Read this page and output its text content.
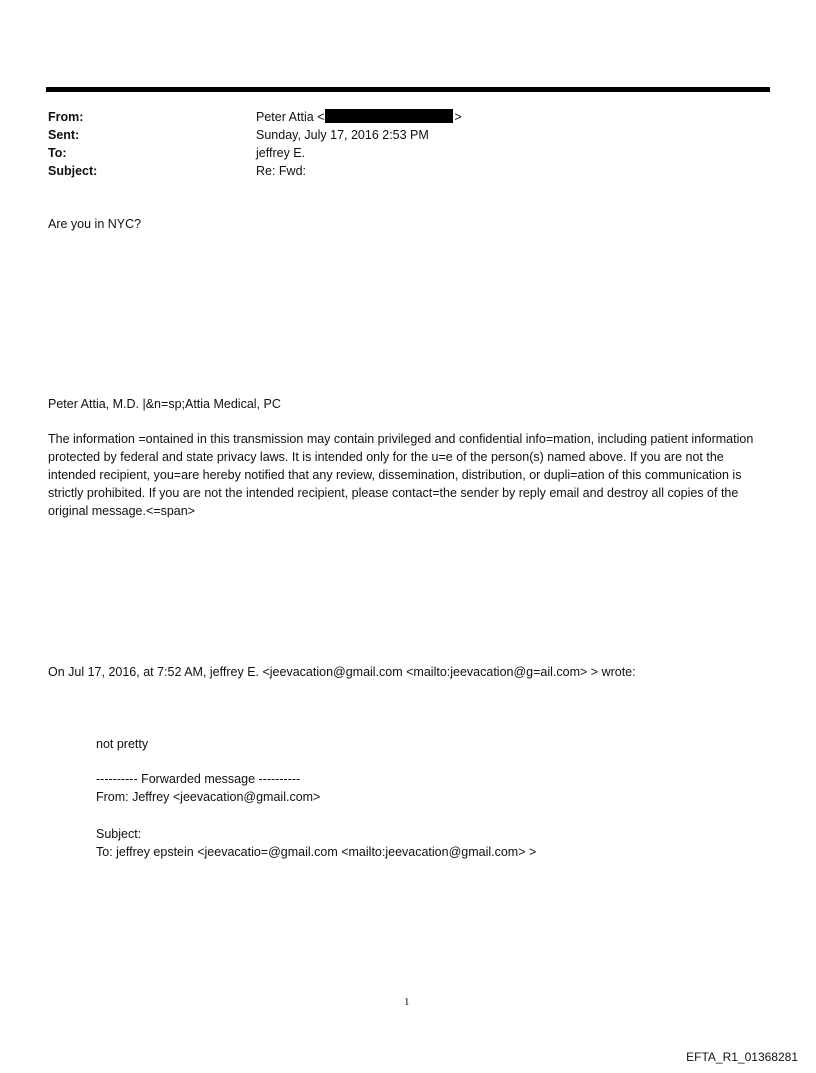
From:	Peter Attia <	>
Sent:	Sunday, July 17, 2016 2:53 PM
To:	jeffrey E.
Subject:	Re: Fwd:

Are you in NYC?

Peter Attia, M.D. |&n=sp;Attia Medical, PC

The information =ontained in this transmission may contain privileged and confidential info=mation, including patient information protected by federal and state privacy laws. It is intended only for the u=e of the person(s) named above. If you are not the intended recipient, you=are hereby notified that any review, dissemination, distribution, or dupli=ation of this communication is strictly prohibited. If you are not the intended recipient, please contact=the sender by reply email and destroy all copies of the original message.<=span>

On Jul 17, 2016, at 7:52 AM, jeffrey E. <jeevacation@gmail.com <mailto:jeevacation@g=ail.com> > wrote:

not pretty

---------- Forwarded message ----------

From: Jeffrey <jeevacation@gmail.com>

Subject:

To: jeffrey epstein <jeevacatio=@gmail.com <mailto:jeevacation@gmail.com> >

1
EFTA_R1_01368281
